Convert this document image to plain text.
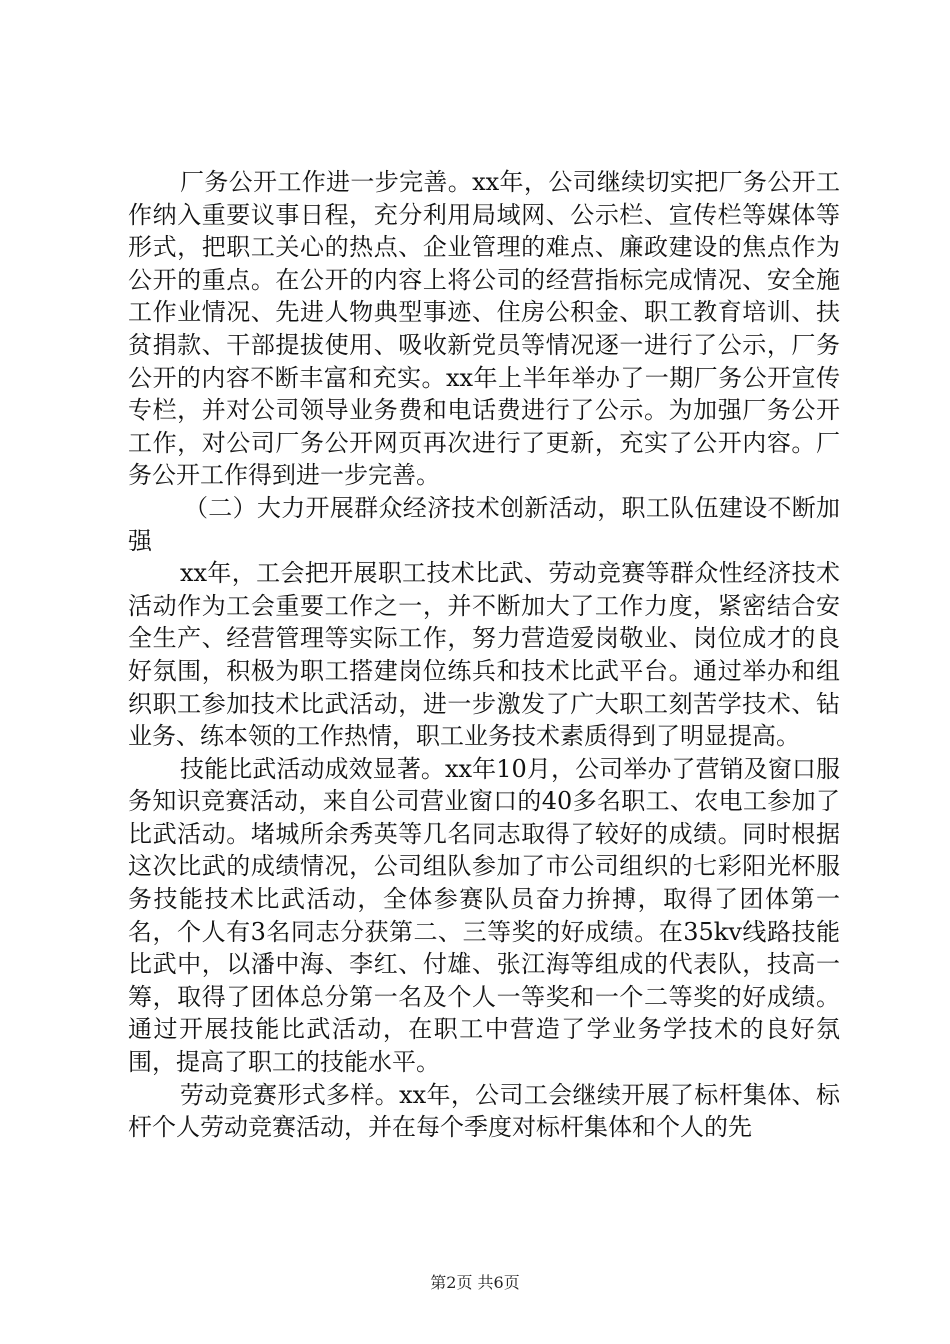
厂务公开工作进一步完善。xx年，公司继续切实把厂务公开工作纳入重要议事日程，充分利用局域网、公示栏、宣传栏等媒体等形式，把职工关心的热点、企业管理的难点、廉政建设的焦点作为公开的重点。在公开的内容上将公司的经营指标完成情况、安全施工作业情况、先进人物典型事迹、住房公积金、职工教育培训、扶贫捐款、干部提拔使用、吸收新党员等情况逐一进行了公示，厂务公开的内容不断丰富和充实。xx年上半年举办了一期厂务公开宣传专栏，并对公司领导业务费和电话费进行了公示。为加强厂务公开工作，对公司厂务公开网页再次进行了更新，充实了公开内容。厂务公开工作得到进一步完善。

（二）大力开展群众经济技术创新活动，职工队伍建设不断加强

xx年，工会把开展职工技术比武、劳动竞赛等群众性经济技术活动作为工会重要工作之一，并不断加大了工作力度，紧密结合安全生产、经营管理等实际工作，努力营造爱岗敬业、岗位成才的良好氛围，积极为职工搭建岗位练兵和技术比武平台。通过举办和组织职工参加技术比武活动，进一步激发了广大职工刻苦学技术、钻业务、练本领的工作热情，职工业务技术素质得到了明显提高。

技能比武活动成效显著。xx年10月，公司举办了营销及窗口服务知识竞赛活动，来自公司营业窗口的40多名职工、农电工参加了比武活动。堵城所余秀英等几名同志取得了较好的成绩。同时根据这次比武的成绩情况，公司组队参加了市公司组织的七彩阳光杯服务技能技术比武活动，全体参赛队员奋力拚搏，取得了团体第一名，个人有3名同志分获第二、三等奖的好成绩。在35kv线路技能比武中，以潘中海、李红、付雄、张江海等组成的代表队，技高一筹，取得了团体总分第一名及个人一等奖和一个二等奖的好成绩。通过开展技能比武活动，在职工中营造了学业务学技术的良好氛围，提高了职工的技能水平。

劳动竞赛形式多样。xx年，公司工会继续开展了标杆集体、标杆个人劳动竞赛活动，并在每个季度对标杆集体和个人的先

第2页 共6页
